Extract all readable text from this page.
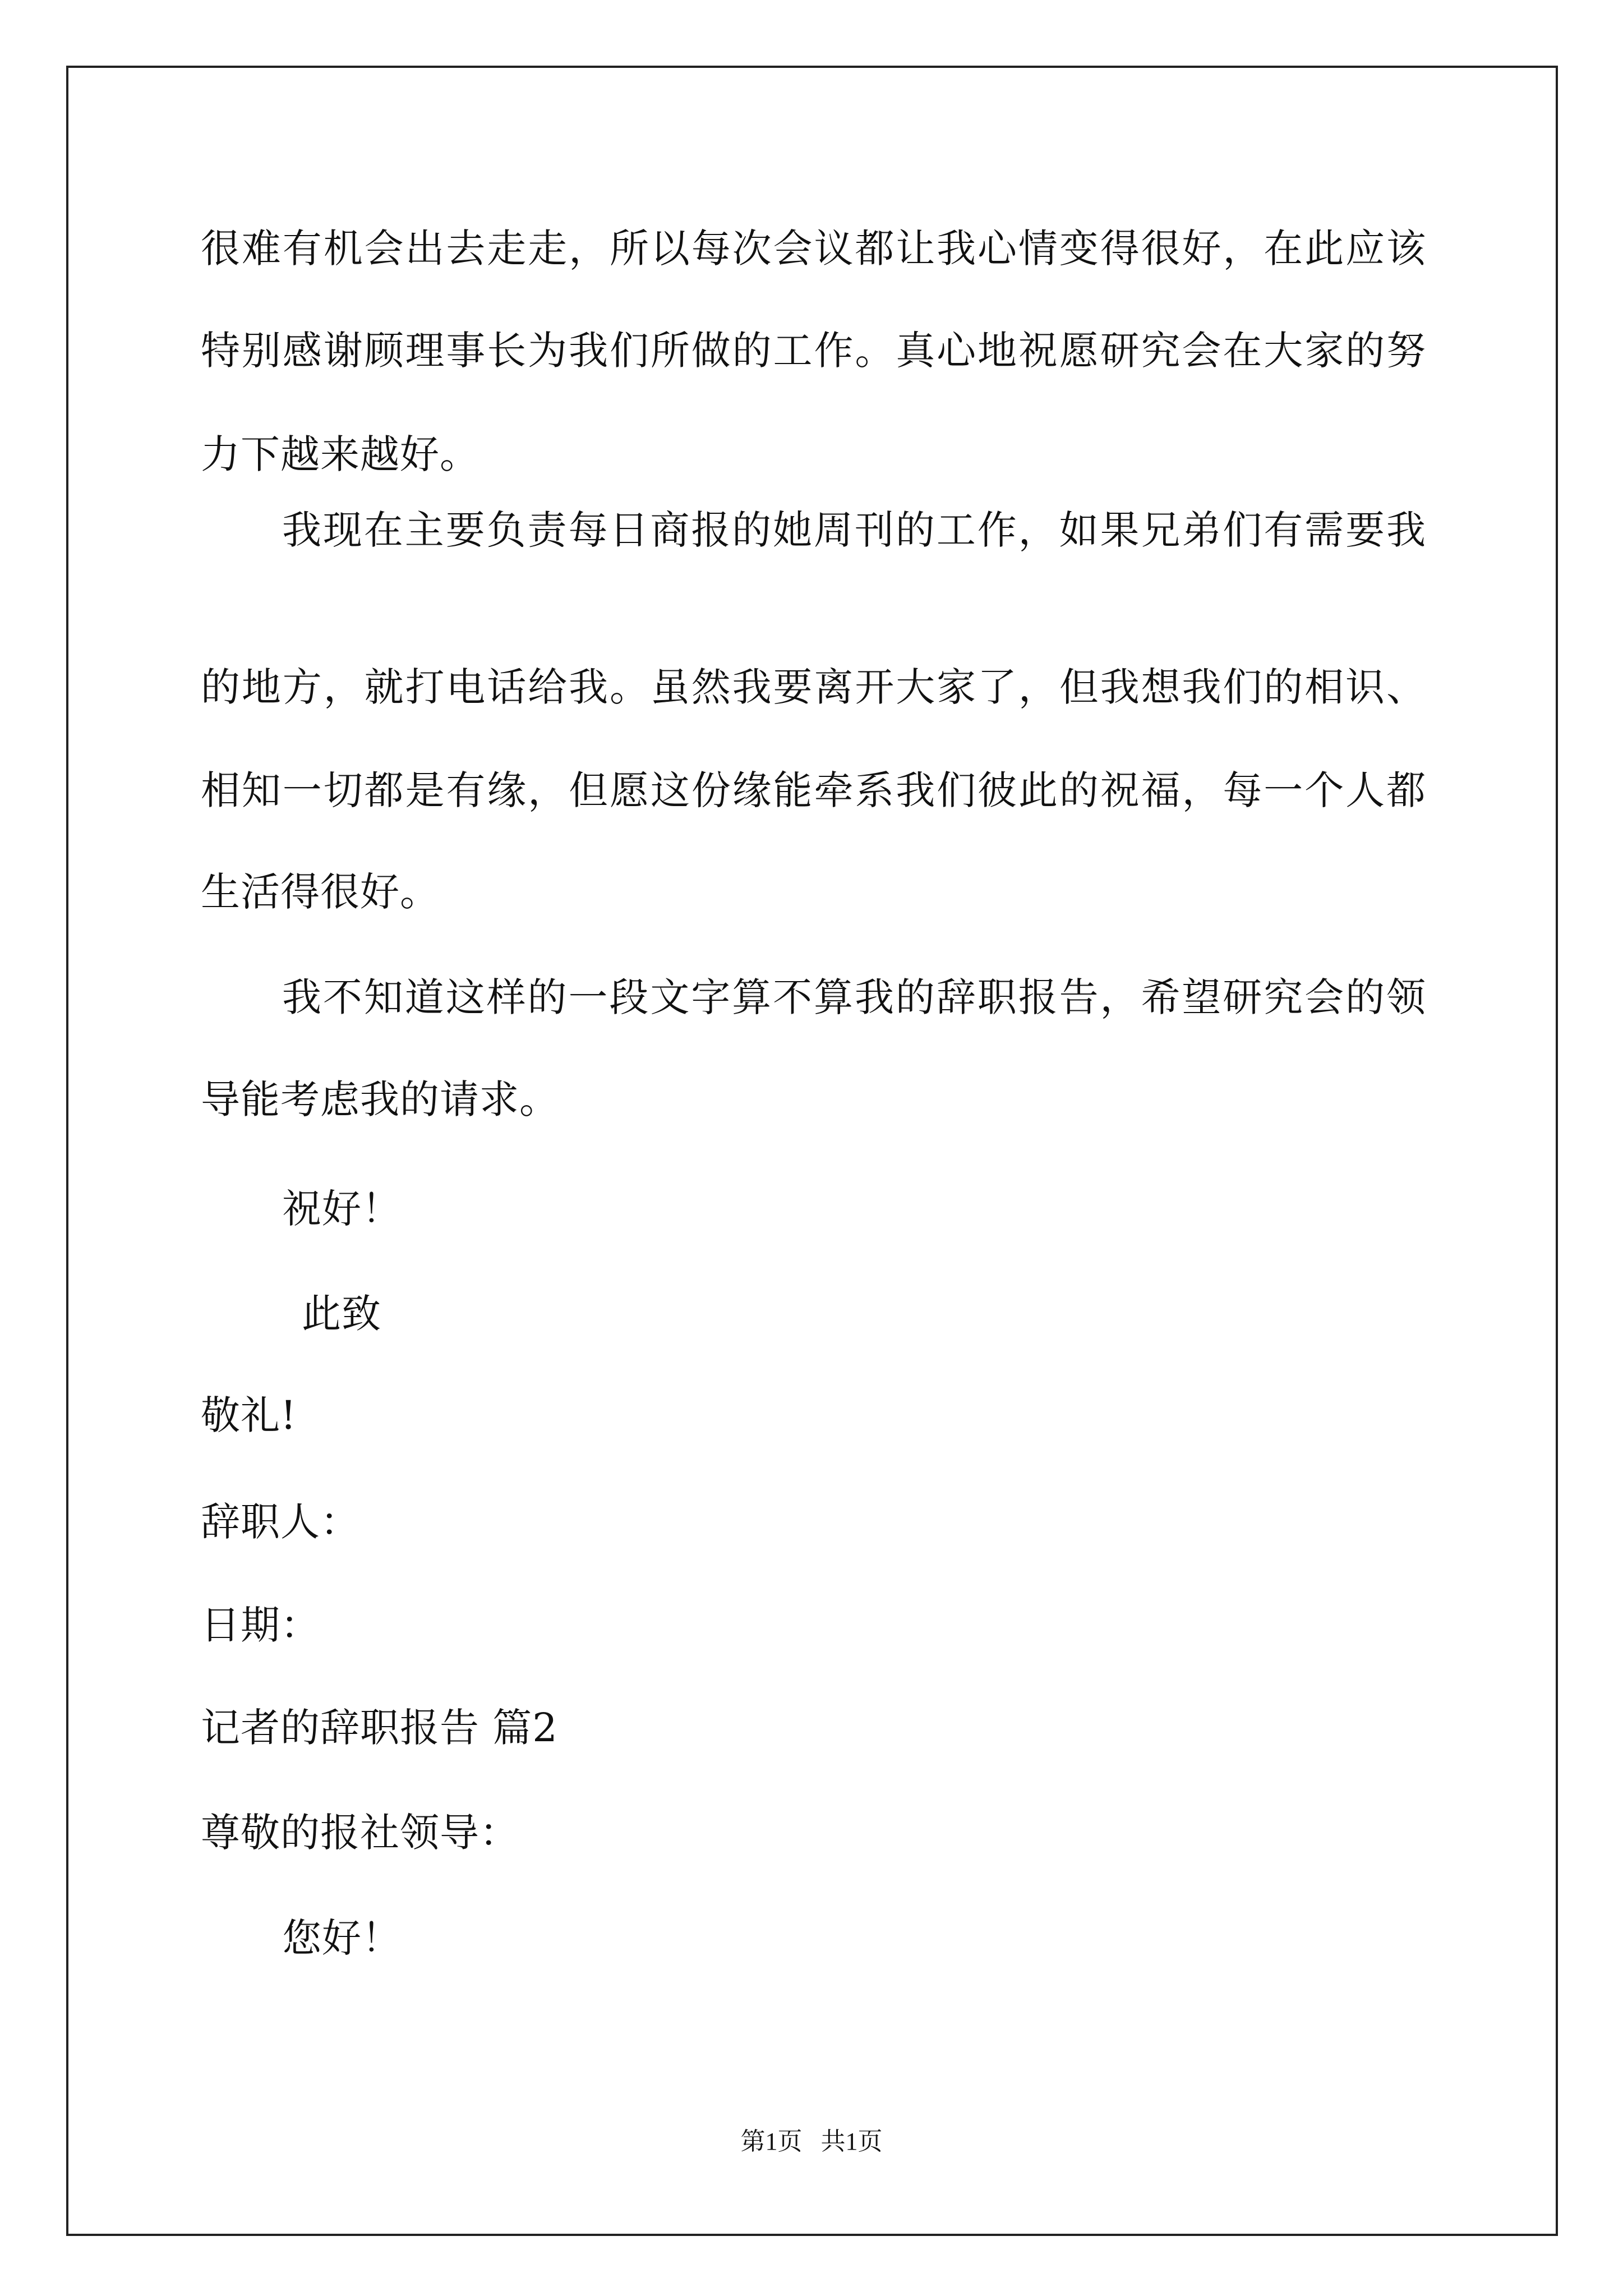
很难有机会出去走走，所以每次会议都让我心情变得很好，在此应该
特别感谢顾理事长为我们所做的工作。真心地祝愿研究会在大家的努
力下越来越好。
我现在主要负责每日商报的她周刊的工作，如果兄弟们有需要我
的地方，就打电话给我。虽然我要离开大家了，但我想我们的相识、
相知一切都是有缘，但愿这份缘能牵系我们彼此的祝福，每一个人都
生活得很好。
我不知道这样的一段文字算不算我的辞职报告，希望研究会的领
导能考虑我的请求。
祝好！
此致
敬礼!
辞职人：
日期：
记者的辞职报告 篇2
尊敬的报社领导：
您好！
第1页   共1页
